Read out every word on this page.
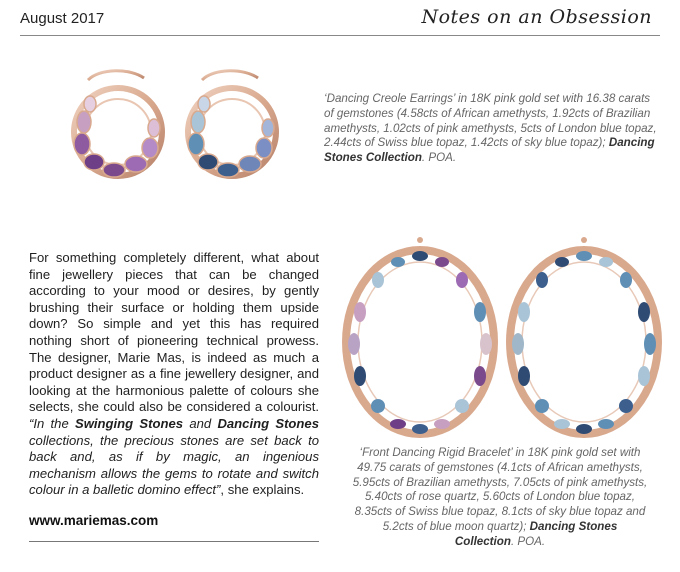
August 2017	Notes on an Obsession
‘Dancing Creole Earrings’ in 18K pink gold set with 16.38 carats of gemstones (4.58cts of African amethysts, 1.92cts of Brazilian amethysts, 1.02cts of pink amethysts, 5cts of London blue topaz, 2.44cts of Swiss blue topaz, 1.42cts of sky blue topaz); Dancing Stones Collection. POA.
For something completely different, what about fine jewellery pieces that can be changed according to your mood or desires, by gently brushing their surface or holding them upside down? So simple and yet this has required nothing short of pioneering technical prowess. The designer, Marie Mas, is indeed as much a product designer as a fine jewellery designer, and looking at the harmonious palette of colours she selects, she could also be considered a colourist. “In the Swinging Stones and Dancing Stones collections, the precious stones are set back to back and, as if by magic, an ingenious mechanism allows the gems to rotate and switch colour in a balletic domino effect”, she explains.
www.mariemas.com
‘Front Dancing Rigid Bracelet’ in 18K pink gold set with 49.75 carats of gemstones (4.1cts of African amethysts, 5.95cts of Brazilian amethysts, 7.05cts of pink amethysts, 5.40cts of rose quartz, 5.60cts of London blue topaz, 8.35cts of Swiss blue topaz, 8.1cts of sky blue topaz and 5.2cts of blue moon quartz); Dancing Stones Collection. POA.
